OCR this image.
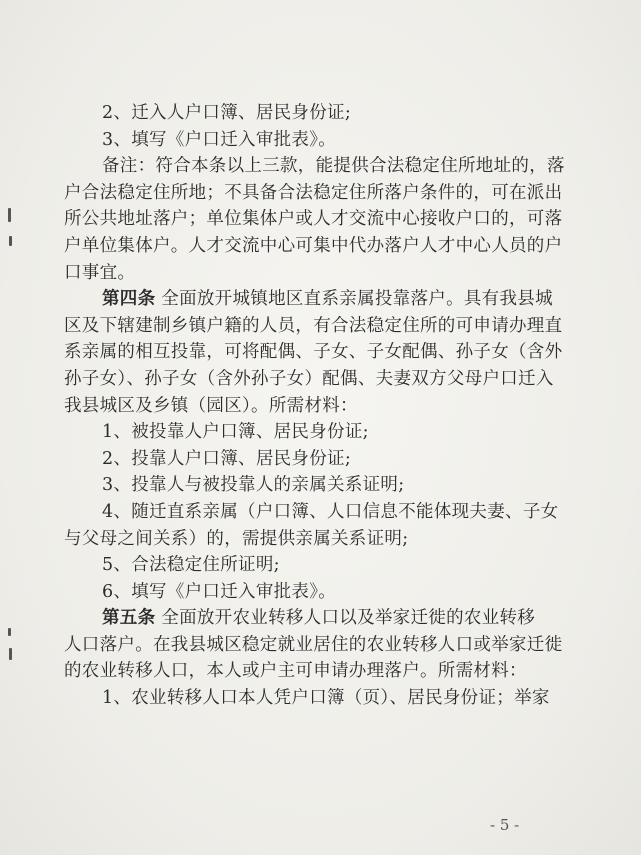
2、迁入人户口簿、居民身份证;
3、填写《户口迁入审批表》。
备注：符合本条以上三款，能提供合法稳定住所地址的，落
户合法稳定住所地；不具备合法稳定住所落户条件的，可在派出
所公共地址落户；单位集体户或人才交流中心接收户口的，可落
户单位集体户。人才交流中心可集中代办落户人才中心人员的户
口事宜。
第四条 全面放开城镇地区直系亲属投靠落户。具有我县城
区及下辖建制乡镇户籍的人员，有合法稳定住所的可申请办理直
系亲属的相互投靠，可将配偶、子女、子女配偶、孙子女（含外
孙子女）、孙子女（含外孙子女）配偶、夫妻双方父母户口迁入
我县城区及乡镇（园区）。所需材料：
1、被投靠人户口簿、居民身份证;
2、投靠人户口簿、居民身份证;
3、投靠人与被投靠人的亲属关系证明;
4、随迁直系亲属（户口簿、人口信息不能体现夫妻、子女
与父母之间关系）的，需提供亲属关系证明;
5、合法稳定住所证明;
6、填写《户口迁入审批表》。
第五条 全面放开农业转移人口以及举家迁徙的农业转移
人口落户。在我县城区稳定就业居住的农业转移人口或举家迁徙
的农业转移人口，本人或户主可申请办理落户。所需材料：
1、农业转移人口本人凭户口簿（页）、居民身份证；举家
- 5 -
